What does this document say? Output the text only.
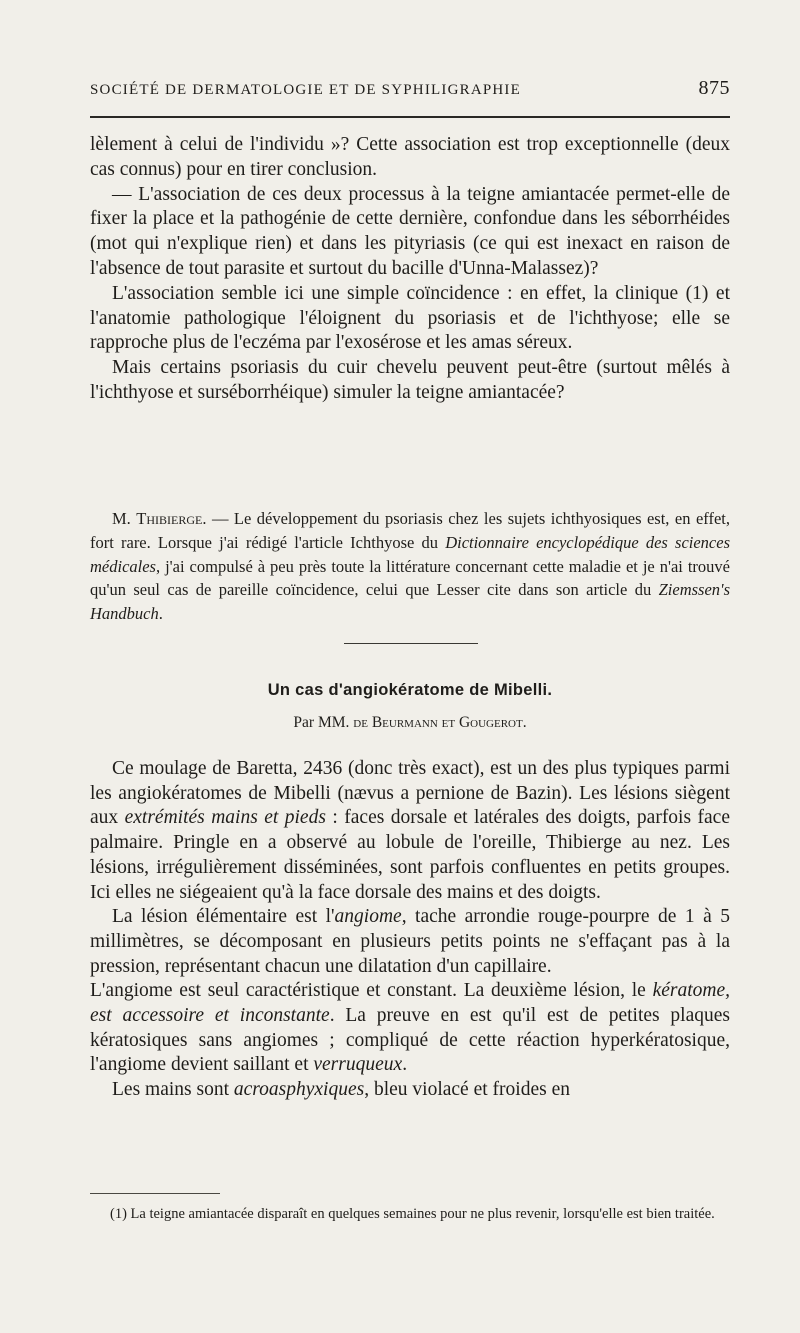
SOCIÉTÉ DE DERMATOLOGIE ET DE SYPHILIGRAPHIE	875

lèlement à celui de l'individu »? Cette association est trop exceptionnelle (deux cas connus) pour en tirer conclusion.

— L'association de ces deux processus à la teigne amiantacée permet-elle de fixer la place et la pathogénie de cette dernière, confondue dans les séborrhéides (mot qui n'explique rien) et dans les pityriasis (ce qui est inexact en raison de l'absence de tout parasite et surtout du bacille d'Unna-Malassez)?

L'association semble ici une simple coïncidence : en effet, la clinique (1) et l'anatomie pathologique l'éloignent du psoriasis et de l'ichthyose; elle se rapproche plus de l'eczéma par l'exosérose et les amas séreux.

Mais certains psoriasis du cuir chevelu peuvent peut-être (surtout mêlés à l'ichthyose et surséborrhéique) simuler la teigne amiantacée?

M. Thibierge. — Le développement du psoriasis chez les sujets ichthyosiques est, en effet, fort rare. Lorsque j'ai rédigé l'article Ichthyose du Dictionnaire encyclopédique des sciences médicales, j'ai compulsé à peu près toute la littérature concernant cette maladie et je n'ai trouvé qu'un seul cas de pareille coïncidence, celui que Lesser cite dans son article du Ziemssen's Handbuch.

Un cas d'angiokératome de Mibelli.
Par MM. de Beurmann et Gougerot.

Ce moulage de Baretta, 2436 (donc très exact), est un des plus typiques parmi les angiokératomes de Mibelli (nævus a pernione de Bazin). Les lésions siègent aux extrémités mains et pieds : faces dorsale et latérales des doigts, parfois face palmaire. Pringle en a observé au lobule de l'oreille, Thibierge au nez. Les lésions, irrégulièrement disséminées, sont parfois confluentes en petits groupes. Ici elles ne siégeaient qu'à la face dorsale des mains et des doigts.

La lésion élémentaire est l'angiome, tache arrondie rouge-pourpre de 1 à 5 millimètres, se décomposant en plusieurs petits points ne s'effaçant pas à la pression, représentant chacun une dilatation d'un capillaire.

L'angiome est seul caractéristique et constant. La deuxième lésion, le kératome, est accessoire et inconstante. La preuve en est qu'il est de petites plaques kératosiques sans angiomes ; compliqué de cette réaction hyperkératosique, l'angiome devient saillant et verruqueux.

Les mains sont acroasphyxiques, bleu violacé et froides en

(1) La teigne amiantacée disparaît en quelques semaines pour ne plus revenir, lorsqu'elle est bien traitée.
